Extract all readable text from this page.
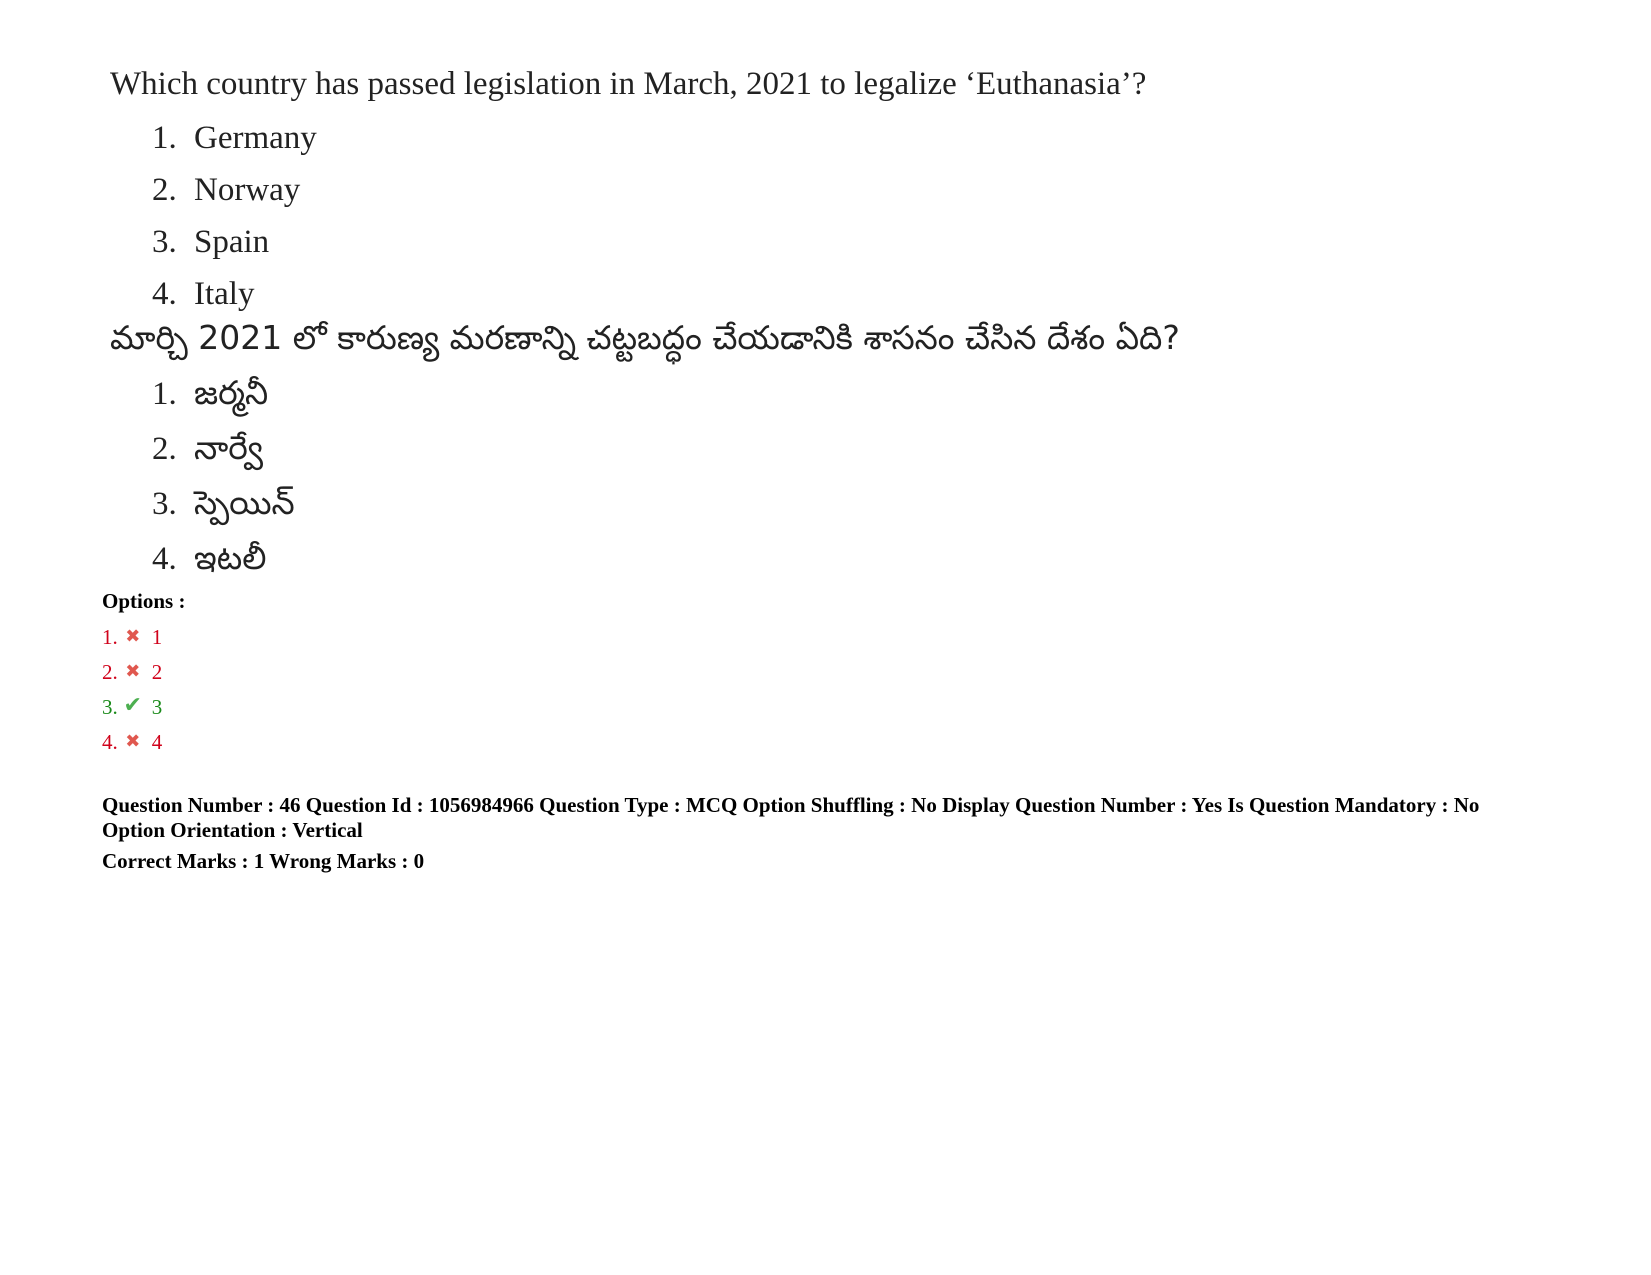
Which country has passed legislation in March, 2021 to legalize ‘Euthanasia’?
1. Germany
2. Norway
3. Spain
4. Italy
మార్చి 2021 లో కారుణ్య మరణాన్ని చట్టబద్ధం చేయడానికి శాసనం చేసిన దేశం ఏది?
1. జర్మనీ
2. నార్వే
3. స్పెయిన్
4. ఇటలీ
Options :
1. ✖ 1
2. ✖ 2
3. ✔ 3
4. ✖ 4
Question Number : 46 Question Id : 1056984966 Question Type : MCQ Option Shuffling : No Display Question Number : Yes Is Question Mandatory : No
Option Orientation : Vertical
Correct Marks : 1 Wrong Marks : 0
